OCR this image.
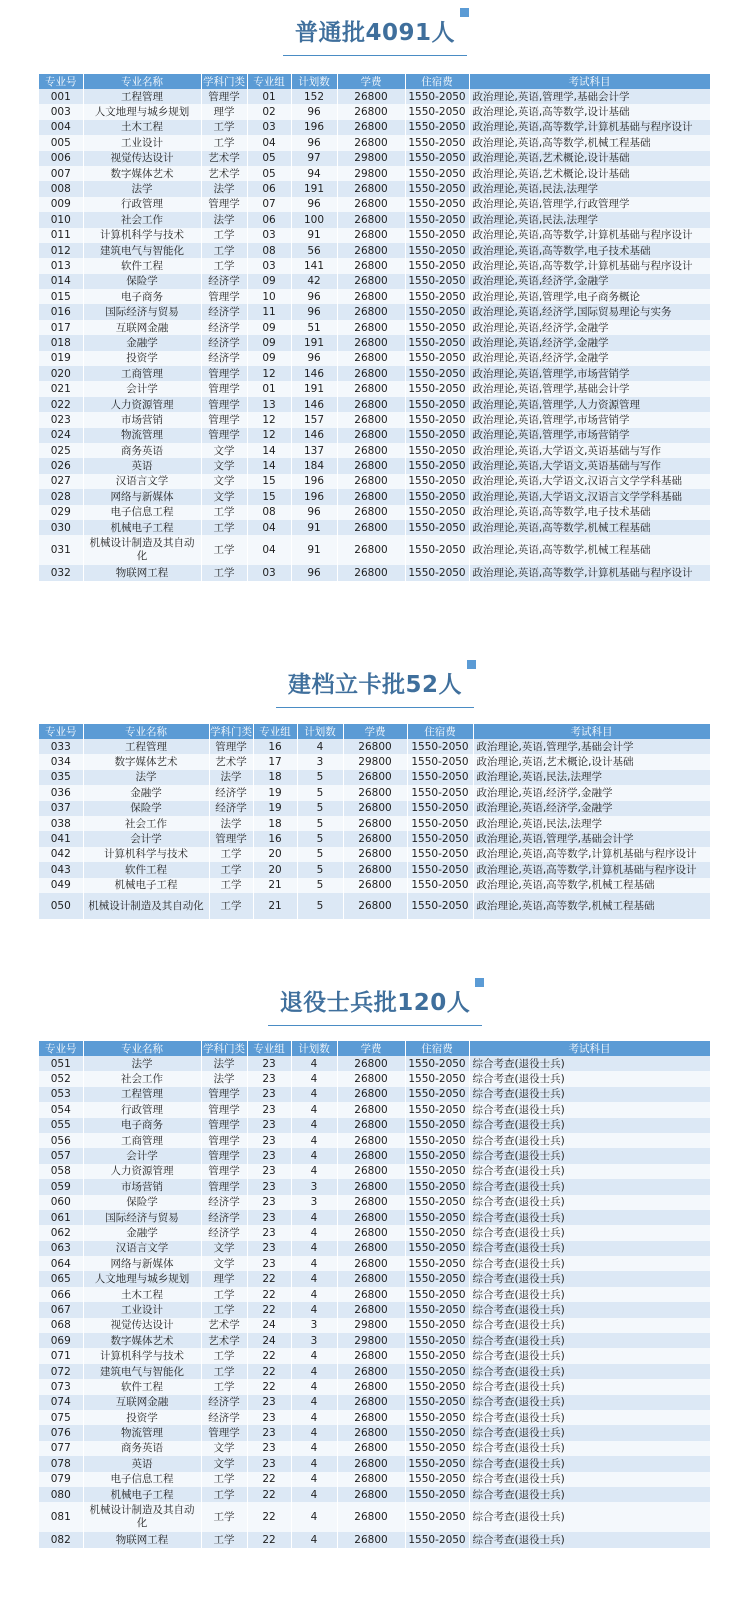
普通批4091人
专业号	专业名称	学科门类	专业组	计划数	学费	住宿费	考试科目
001	工程管理	管理学	01	152	26800	1550-2050	政治理论,英语,管理学,基础会计学
003	人文地理与城乡规划	理学	02	96	26800	1550-2050	政治理论,英语,高等数学,设计基础
004	土木工程	工学	03	196	26800	1550-2050	政治理论,英语,高等数学,计算机基础与程序设计
005	工业设计	工学	04	96	26800	1550-2050	政治理论,英语,高等数学,机械工程基础
006	视觉传达设计	艺术学	05	97	29800	1550-2050	政治理论,英语,艺术概论,设计基础
007	数字媒体艺术	艺术学	05	94	29800	1550-2050	政治理论,英语,艺术概论,设计基础
008	法学	法学	06	191	26800	1550-2050	政治理论,英语,民法,法理学
009	行政管理	管理学	07	96	26800	1550-2050	政治理论,英语,管理学,行政管理学
010	社会工作	法学	06	100	26800	1550-2050	政治理论,英语,民法,法理学
011	计算机科学与技术	工学	03	91	26800	1550-2050	政治理论,英语,高等数学,计算机基础与程序设计
012	建筑电气与智能化	工学	08	56	26800	1550-2050	政治理论,英语,高等数学,电子技术基础
013	软件工程	工学	03	141	26800	1550-2050	政治理论,英语,高等数学,计算机基础与程序设计
014	保险学	经济学	09	42	26800	1550-2050	政治理论,英语,经济学,金融学
015	电子商务	管理学	10	96	26800	1550-2050	政治理论,英语,管理学,电子商务概论
016	国际经济与贸易	经济学	11	96	26800	1550-2050	政治理论,英语,经济学,国际贸易理论与实务
017	互联网金融	经济学	09	51	26800	1550-2050	政治理论,英语,经济学,金融学
018	金融学	经济学	09	191	26800	1550-2050	政治理论,英语,经济学,金融学
019	投资学	经济学	09	96	26800	1550-2050	政治理论,英语,经济学,金融学
020	工商管理	管理学	12	146	26800	1550-2050	政治理论,英语,管理学,市场营销学
021	会计学	管理学	01	191	26800	1550-2050	政治理论,英语,管理学,基础会计学
022	人力资源管理	管理学	13	146	26800	1550-2050	政治理论,英语,管理学,人力资源管理
023	市场营销	管理学	12	157	26800	1550-2050	政治理论,英语,管理学,市场营销学
024	物流管理	管理学	12	146	26800	1550-2050	政治理论,英语,管理学,市场营销学
025	商务英语	文学	14	137	26800	1550-2050	政治理论,英语,大学语文,英语基础与写作
026	英语	文学	14	184	26800	1550-2050	政治理论,英语,大学语文,英语基础与写作
027	汉语言文学	文学	15	196	26800	1550-2050	政治理论,英语,大学语文,汉语言文学学科基础
028	网络与新媒体	文学	15	196	26800	1550-2050	政治理论,英语,大学语文,汉语言文学学科基础
029	电子信息工程	工学	08	96	26800	1550-2050	政治理论,英语,高等数学,电子技术基础
030	机械电子工程	工学	04	91	26800	1550-2050	政治理论,英语,高等数学,机械工程基础
031	机械设计制造及其自动化	工学	04	91	26800	1550-2050	政治理论,英语,高等数学,机械工程基础
032	物联网工程	工学	03	96	26800	1550-2050	政治理论,英语,高等数学,计算机基础与程序设计
建档立卡批52人
专业号	专业名称	学科门类	专业组	计划数	学费	住宿费	考试科目
033	工程管理	管理学	16	4	26800	1550-2050	政治理论,英语,管理学,基础会计学
034	数字媒体艺术	艺术学	17	3	29800	1550-2050	政治理论,英语,艺术概论,设计基础
035	法学	法学	18	5	26800	1550-2050	政治理论,英语,民法,法理学
036	金融学	经济学	19	5	26800	1550-2050	政治理论,英语,经济学,金融学
037	保险学	经济学	19	5	26800	1550-2050	政治理论,英语,经济学,金融学
038	社会工作	法学	18	5	26800	1550-2050	政治理论,英语,民法,法理学
041	会计学	管理学	16	5	26800	1550-2050	政治理论,英语,管理学,基础会计学
042	计算机科学与技术	工学	20	5	26800	1550-2050	政治理论,英语,高等数学,计算机基础与程序设计
043	软件工程	工学	20	5	26800	1550-2050	政治理论,英语,高等数学,计算机基础与程序设计
049	机械电子工程	工学	21	5	26800	1550-2050	政治理论,英语,高等数学,机械工程基础
050	机械设计制造及其自动化	工学	21	5	26800	1550-2050	政治理论,英语,高等数学,机械工程基础
退役士兵批120人
专业号	专业名称	学科门类	专业组	计划数	学费	住宿费	考试科目
051	法学	法学	23	4	26800	1550-2050	综合考查(退役士兵)
052	社会工作	法学	23	4	26800	1550-2050	综合考查(退役士兵)
053	工程管理	管理学	23	4	26800	1550-2050	综合考查(退役士兵)
054	行政管理	管理学	23	4	26800	1550-2050	综合考查(退役士兵)
055	电子商务	管理学	23	4	26800	1550-2050	综合考查(退役士兵)
056	工商管理	管理学	23	4	26800	1550-2050	综合考查(退役士兵)
057	会计学	管理学	23	4	26800	1550-2050	综合考查(退役士兵)
058	人力资源管理	管理学	23	4	26800	1550-2050	综合考查(退役士兵)
059	市场营销	管理学	23	3	26800	1550-2050	综合考查(退役士兵)
060	保险学	经济学	23	3	26800	1550-2050	综合考查(退役士兵)
061	国际经济与贸易	经济学	23	4	26800	1550-2050	综合考查(退役士兵)
062	金融学	经济学	23	4	26800	1550-2050	综合考查(退役士兵)
063	汉语言文学	文学	23	4	26800	1550-2050	综合考查(退役士兵)
064	网络与新媒体	文学	23	4	26800	1550-2050	综合考查(退役士兵)
065	人文地理与城乡规划	理学	22	4	26800	1550-2050	综合考查(退役士兵)
066	土木工程	工学	22	4	26800	1550-2050	综合考查(退役士兵)
067	工业设计	工学	22	4	26800	1550-2050	综合考查(退役士兵)
068	视觉传达设计	艺术学	24	3	29800	1550-2050	综合考查(退役士兵)
069	数字媒体艺术	艺术学	24	3	29800	1550-2050	综合考查(退役士兵)
071	计算机科学与技术	工学	22	4	26800	1550-2050	综合考查(退役士兵)
072	建筑电气与智能化	工学	22	4	26800	1550-2050	综合考查(退役士兵)
073	软件工程	工学	22	4	26800	1550-2050	综合考查(退役士兵)
074	互联网金融	经济学	23	4	26800	1550-2050	综合考查(退役士兵)
075	投资学	经济学	23	4	26800	1550-2050	综合考查(退役士兵)
076	物流管理	管理学	23	4	26800	1550-2050	综合考查(退役士兵)
077	商务英语	文学	23	4	26800	1550-2050	综合考查(退役士兵)
078	英语	文学	23	4	26800	1550-2050	综合考查(退役士兵)
079	电子信息工程	工学	22	4	26800	1550-2050	综合考查(退役士兵)
080	机械电子工程	工学	22	4	26800	1550-2050	综合考查(退役士兵)
081	机械设计制造及其自动化	工学	22	4	26800	1550-2050	综合考查(退役士兵)
082	物联网工程	工学	22	4	26800	1550-2050	综合考查(退役士兵)
